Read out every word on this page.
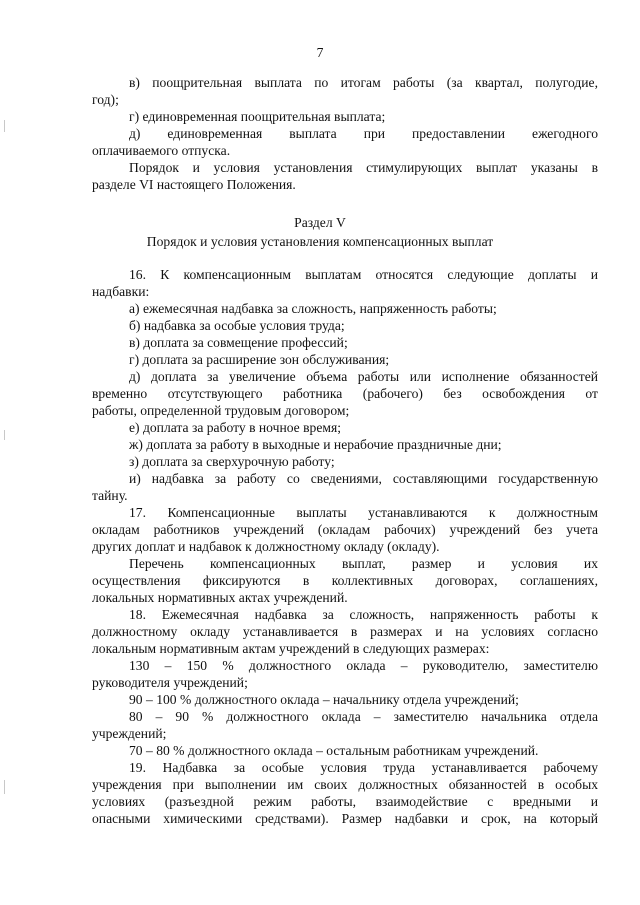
7
в) поощрительная выплата по итогам работы (за квартал, полугодие,
год);
г) единовременная поощрительная выплата;
д) единовременная выплата при предоставлении ежегодного
оплачиваемого отпуска.
Порядок и условия установления стимулирующих выплат указаны в
разделе VI настоящего Положения.
Раздел V
Порядок и условия установления компенсационных выплат
16. К компенсационным выплатам относятся следующие доплаты и
надбавки:
а) ежемесячная надбавка за сложность, напряженность работы;
б) надбавка за особые условия труда;
в) доплата за совмещение профессий;
г) доплата за расширение зон обслуживания;
д) доплата за увеличение объема работы или исполнение обязанностей
временно отсутствующего работника (рабочего) без освобождения от
работы, определенной трудовым договором;
е) доплата за работу в ночное время;
ж) доплата за работу в выходные и нерабочие праздничные дни;
з) доплата за сверхурочную работу;
и) надбавка за работу со сведениями, составляющими государственную
тайну.
17. Компенсационные выплаты устанавливаются к должностным
окладам работников учреждений (окладам рабочих) учреждений без учета
других доплат и надбавок к должностному окладу (окладу).
Перечень компенсационных выплат, размер и условия их
осуществления фиксируются в коллективных договорах, соглашениях,
локальных нормативных актах учреждений.
18. Ежемесячная надбавка за сложность, напряженность работы к
должностному окладу устанавливается в размерах и на условиях согласно
локальным нормативным актам учреждений в следующих размерах:
130 – 150 % должностного оклада – руководителю, заместителю
руководителя учреждений;
90 – 100 % должностного оклада – начальнику отдела учреждений;
80 – 90 % должностного оклада – заместителю начальника отдела
учреждений;
70 – 80 % должностного оклада – остальным работникам учреждений.
19. Надбавка за особые условия труда устанавливается рабочему
учреждения при выполнении им своих должностных обязанностей в особых
условиях (разъездной режим работы, взаимодействие с вредными и
опасными химическими средствами). Размер надбавки и срок, на который
